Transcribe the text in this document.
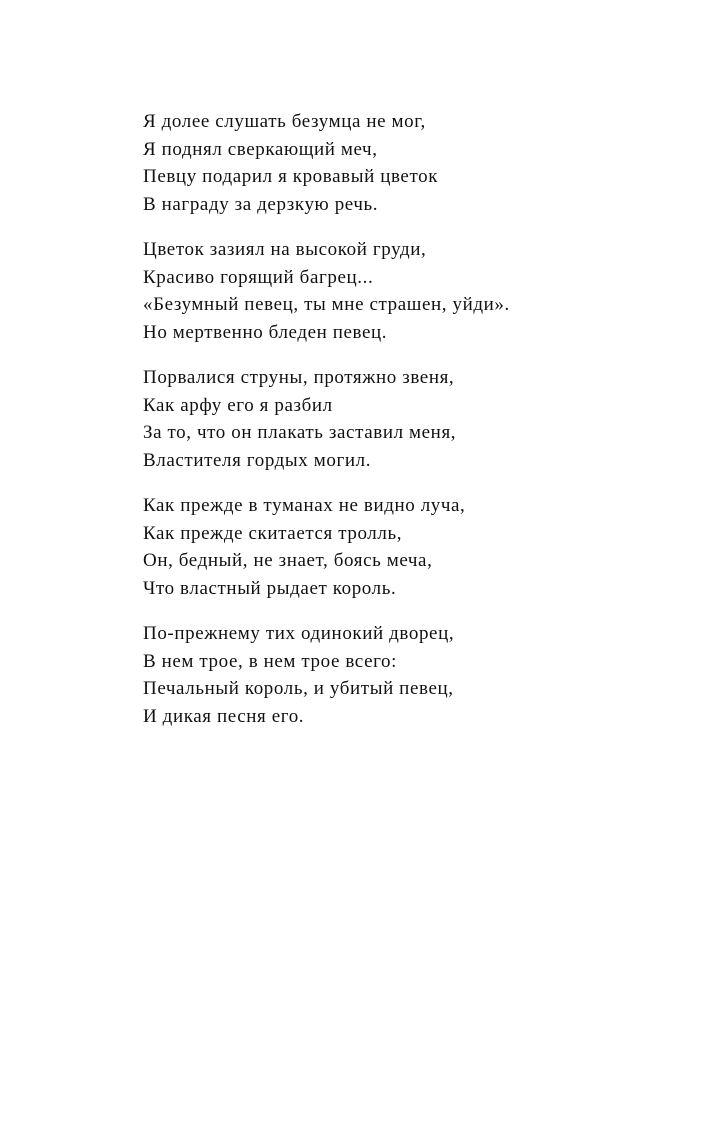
Я долее слушать безумца не мог,
Я поднял сверкающий меч,
Певцу подарил я кровавый цветок
В награду за дерзкую речь.
Цветок зазиял на высокой груди,
Красиво горящий багрец...
«Безумный певец, ты мне страшен, уйди».
Но мертвенно бледен певец.
Порвалися струны, протяжно звеня,
Как арфу его я разбил
За то, что он плакать заставил меня,
Властителя гордых могил.
Как прежде в туманах не видно луча,
Как прежде скитается тролль,
Он, бедный, не знает, боясь меча,
Что властный рыдает король.
По-прежнему тих одинокий дворец,
В нем трое, в нем трое всего:
Печальный король, и убитый певец,
И дикая песня его.
